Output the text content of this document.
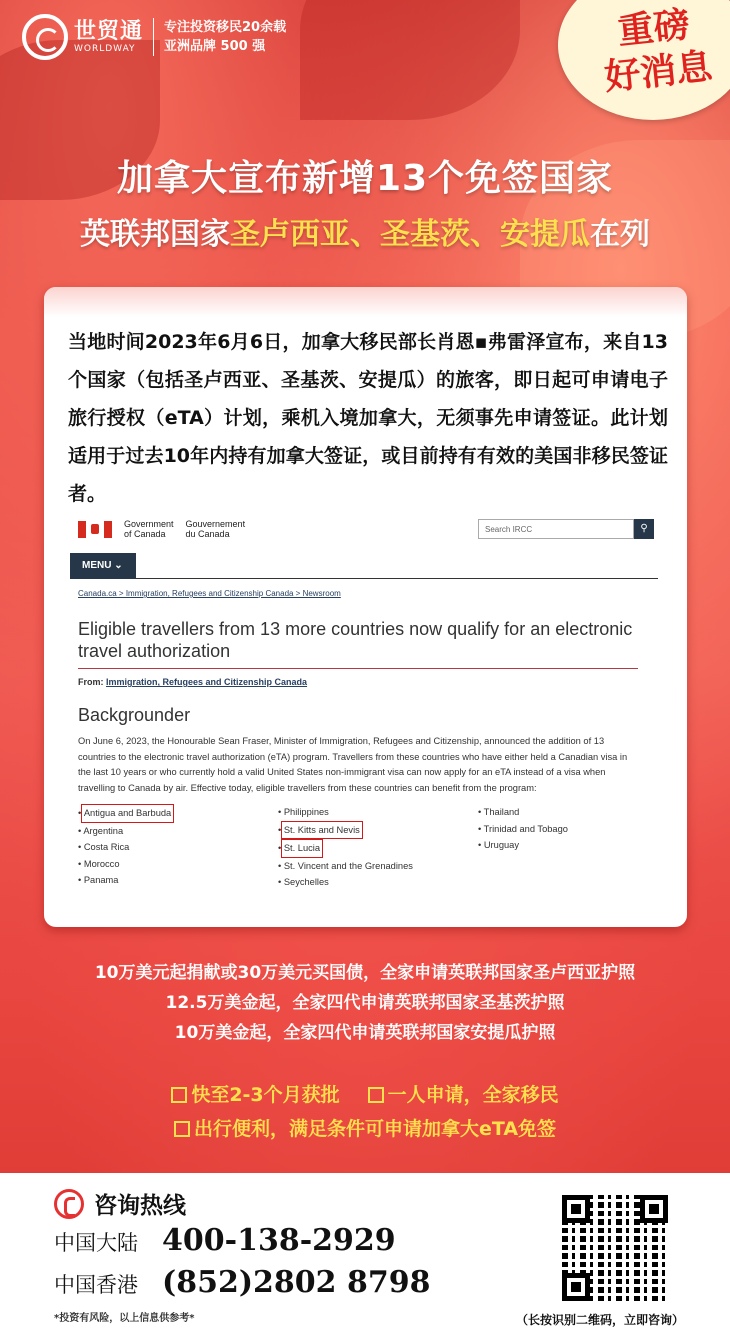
世贸通
WORLDWAY
专注投资移民20余载
亚洲品牌 500 强	重磅
好消息
加拿大宣布新增13个免签国家
英联邦国家圣卢西亚、圣基茨、安提瓜在列
当地时间2023年6月6日，加拿大移民部长肖恩▪弗雷泽宣布，来自13个国家（包括圣卢西亚、圣基茨、安提瓜）的旅客，即日起可申请电子旅行授权（eTA）计划，乘机入境加拿大，无须事先申请签证。此计划适用于过去10年内持有加拿大签证，或目前持有有效的美国非移民签证者。
Government
of Canada
Gouvernement
du Canada	Search IRCC	⚲
MENU ⌄
Canada.ca > Immigration, Refugees and Citizenship Canada > Newsroom
Eligible travellers from 13 more countries now qualify for an electronic travel authorization
From: Immigration, Refugees and Citizenship Canada
Backgrounder
On June 6, 2023, the Honourable Sean Fraser, Minister of Immigration, Refugees and Citizenship, announced the addition of 13 countries to the electronic travel authorization (eTA) program. Travellers from these countries who have either held a Canadian visa in the last 10 years or who currently hold a valid United States non-immigrant visa can now apply for an eTA instead of a visa when travelling to Canada by air. Effective today, eligible travellers from these countries can benefit from the program:
• Antigua and Barbuda
• Argentina
• Costa Rica
• Morocco
• Panama
• Philippines
• St. Kitts and Nevis
• St. Lucia
• St. Vincent and the Grenadines
• Seychelles
• Thailand
• Trinidad and Tobago
• Uruguay
10万美元起捐献或30万美元买国债，全家申请英联邦国家圣卢西亚护照
12.5万美金起，全家四代申请英联邦国家圣基茨护照
10万美金起，全家四代申请英联邦国家安提瓜护照
快至2-3个月获批	一人申请，全家移民
出行便利，满足条件可申请加拿大eTA免签
咨询热线
中国大陆 400-138-2929
中国香港 (852)2802 8798
*投资有风险，以上信息供参考*	（长按识别二维码，立即咨询）
